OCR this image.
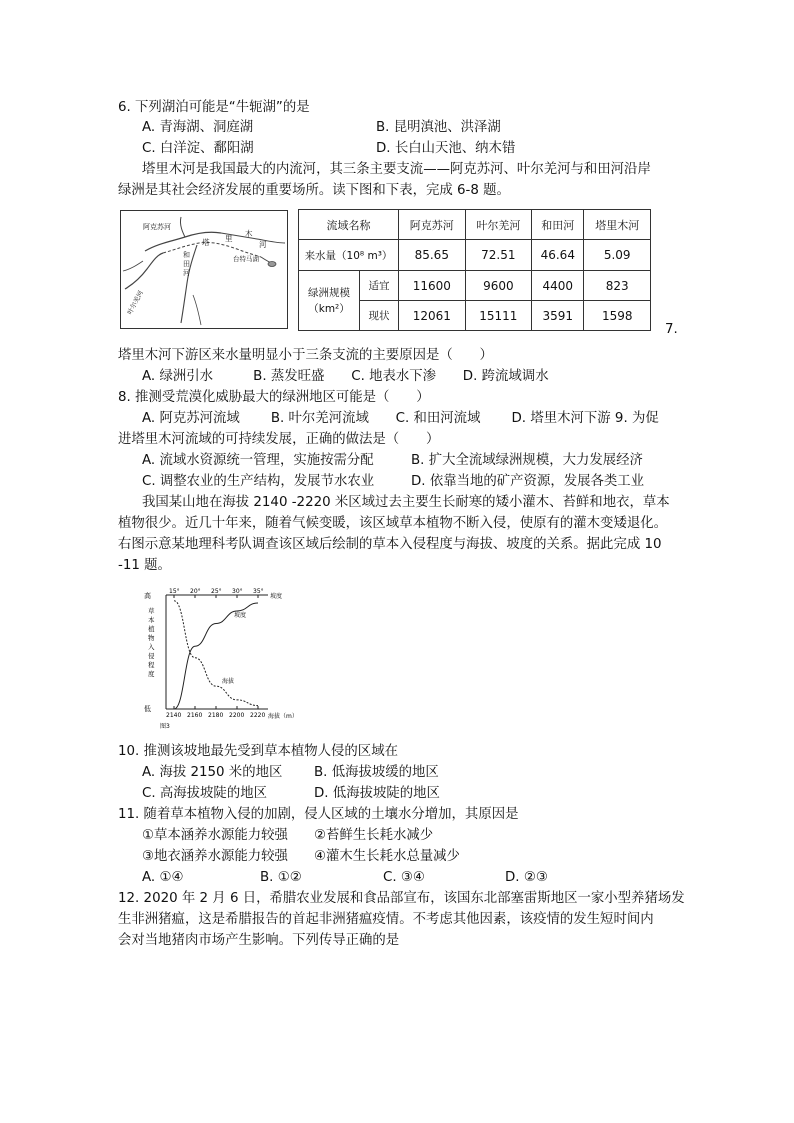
6. 下列湖泊可能是“牛轭湖”的是
A. 青海湖、洞庭湖	B. 昆明滇池、洪泽湖
C. 白洋淀、鄱阳湖	D. 长白山天池、纳木错
塔里木河是我国最大的内流河，其三条主要支流——阿克苏河、叶尔羌河与和田河沿岸
绿洲是其社会经济发展的重要场所。读下图和下表，完成 6-8 题。
阿克苏河
叶尔羌河
塔 里
木
河
和
田
河
台特马湖
流域名称		阿克苏河	叶尔羌河	和田河	塔里木河
来水量（10⁸ m³）		85.65	72.51	46.64	5.09

绿洲规模
（km²）	适宜	11600	9600	4400	823
	现状	12061	15111	3591	1598
7.
塔里木河下游区来水量明显小于三条支流的主要原因是（　　）
A. 绿洲引水　　　B. 蒸发旺盛　　C. 地表水下渗　　D. 跨流域调水
8. 推测受荒漠化威胁最大的绿洲地区可能是（　　）
A. 阿克苏河流域　　 B. 叶尔羌河流域　　C. 和田河流域　　 D. 塔里木河下游 9. 为促
进塔里木河流域的可持续发展，正确的做法是（　　）
A. 流域水资源统一管理，实施按需分配	B. 扩大全流域绿洲规模，大力发展经济
C. 调整农业的生产结构，发展节水农业	D. 依靠当地的矿产资源，发展各类工业
我国某山地在海拔 2140 -2220 米区域过去主要生长耐寒的矮小灌木、苔鲜和地衣，草本
植物很少。近几十年来，随着气候变暖，该区域草本植物不断入侵，使原有的灌木变矮退化。
右图示意某地理科考队调查该区域后绘制的草本入侵程度与海拔、坡度的关系。据此完成 10
-11 题。
高
低
草
本
植
物
入
侵
程
度
坡度
海拔（m）
图3
15° 20° 25° 30° 35°
2140 2160 2180 2200 2220
坡度
海拔
10. 推测该坡地最先受到草本植物人侵的区域在
A. 海拔 2150 米的地区 B. 低海拔坡缓的地区
C. 高海拔坡陡的地区	D. 低海拔坡陡的地区
11. 随着草本植物入侵的加剧，侵人区域的土壤水分增加，其原因是
①草本涵养水源能力较强 ②苔鲜生长耗水减少
③地衣涵养水源能力较强 ④灌木生长耗水总量减少
A. ①④	B. ①②	C. ③④	D. ②③
12. 2020 年 2 月 6 日，希腊农业发展和食品部宣布，该国东北部塞雷斯地区一家小型养猪场发
生非洲猪瘟，这是希腊报告的首起非洲猪瘟疫情。不考虑其他因素，该疫情的发生短时间内
会对当地猪肉市场产生影响。下列传导正确的是
